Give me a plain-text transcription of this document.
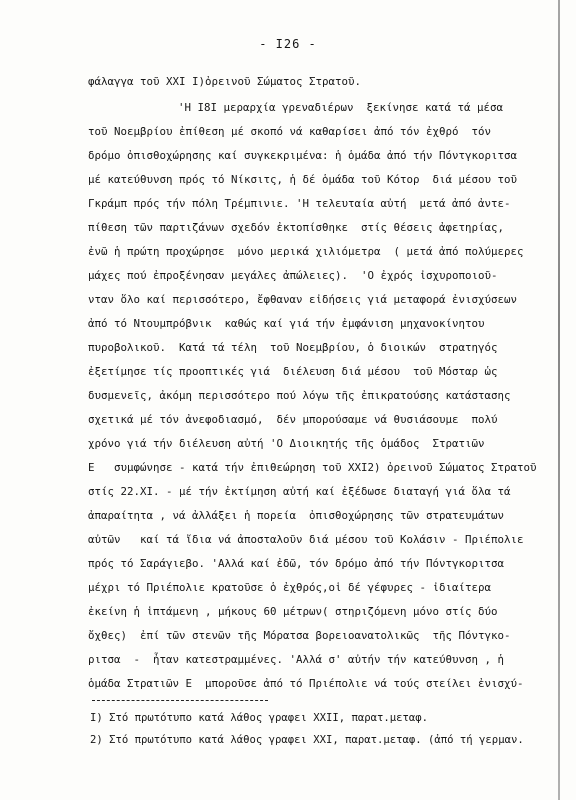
- I26 -
φάλαγγα τοῦ XXI I)ὀρεινοῦ Σώματος Στρατοῦ.
'Η I8I μεραρχία γρεναδιέρων  ξεκίνησε κατά τά μέσα
τοῦ Νοεμβρίου ἐπίθεση μέ σκοπό νά καθαρίσει ἀπό τόν ἐχθρό  τόν
δρόμο ὀπισθοχώρησης καί συγκεκριμένα: ἡ ὁμάδα ἀπό τήν Πόντγκοριτσα
μέ κατεύθυνση πρός τό Νίκσιτς, ἡ δέ ὁμάδα τοῦ Κότορ  διά μέσου τοῦ
Γκράμπ πρός τήν πόλη Τρέμπινιε. 'Η τελευταία αὐτή  μετά ἀπό ἀντε-
πίθεση τῶν παρτιζάνων σχεδόν ἐκτοπίσθηκε  στίς θέσεις ἀφετηρίας,
ἐνῶ ἡ πρώτη προχώρησε  μόνο μερικά χιλιόμετρα  ( μετά ἀπό πολύμερες
μάχες πού ἐπροξένησαν μεγάλες ἀπώλειες).  'Ο ἐχρός ἰσχυροποιοῦ-
νταν ὅλο καί περισσότερο, ἔφθαναν εἰδήσεις γιά μεταφορά ἐνισχύσεων
ἀπό τό Ντουμπρόβνικ  καθώς καί γιά τήν ἐμφάνιση μηχανοκίνητου
πυροβολικοῦ.  Κατά τά τέλη  τοῦ Νοεμβρίου, ὁ διοικών  στρατηγός
ἐξετίμησε τίς προοπτικές γιά  διέλευση διά μέσου  τοῦ Μόσταρ ὡς
δυσμενεῖς, ἀκόμη περισσότερο πού λόγω τῆς ἐπικρατούσης κατάστασης
σχετικά μέ τόν ἀνεφοδιασμό,  δέν μπορούσαμε νά θυσιάσουμε  πολύ
χρόνο γιά τήν διέλευση αὐτή 'Ο Διοικητής τῆς ὁμάδος  Στρατιῶν
E   συμφώνησε - κατά τήν ἐπιθεώρηση τοῦ XXI2) ὀρεινοῦ Σώματος Στρατοῦ
στίς 22.XI. - μέ τήν ἐκτίμηση αὐτή καί ἐξέδωσε διαταγή γιά ὅλα τά
ἀπαραίτητα , νά ἀλλάξει ἡ πορεία  ὀπισθοχώρησης τῶν στρατευμάτων
αὐτῶν   καί τά ἴδια νά ἀποσταλοῦν διά μέσου τοῦ Κολάσιν - Πριέπολιε
πρός τό Σαράγιεβο. 'Αλλά καί ἐδῶ, τόν δρόμο ἀπό τήν Πόντγκοριτσα
μέχρι τό Πριέπολιε κρατοῦσε ὁ ἐχθρός,οἱ δέ γέφυρες - ἰδιαίτερα
ἐκείνη ἡ ἱπτάμενη , μήκους 60 μέτρων( στηριζόμενη μόνο στίς δύο
ὄχθες)  ἐπί τῶν στενῶν τῆς Μόρατσα βορειοανατολικῶς  τῆς Πόντγκο-
ριτσα  -  ἦταν κατεστραμμένες. 'Αλλά σ' αὐτήν τήν κατεύθυνση , ἡ
ὁμάδα Στρατιῶν E  μποροῦσε ἀπό τό Πριέπολιε νά τούς στείλει ἐνισχύ-
I) Στό πρωτότυπο κατά λάθος γραφει XXII, παρατ.μεταφ.
2) Στό πρωτότυπο κατά λάθος γραφει XXI, παρατ.μεταφ. (ἀπό τή γερμαν.
